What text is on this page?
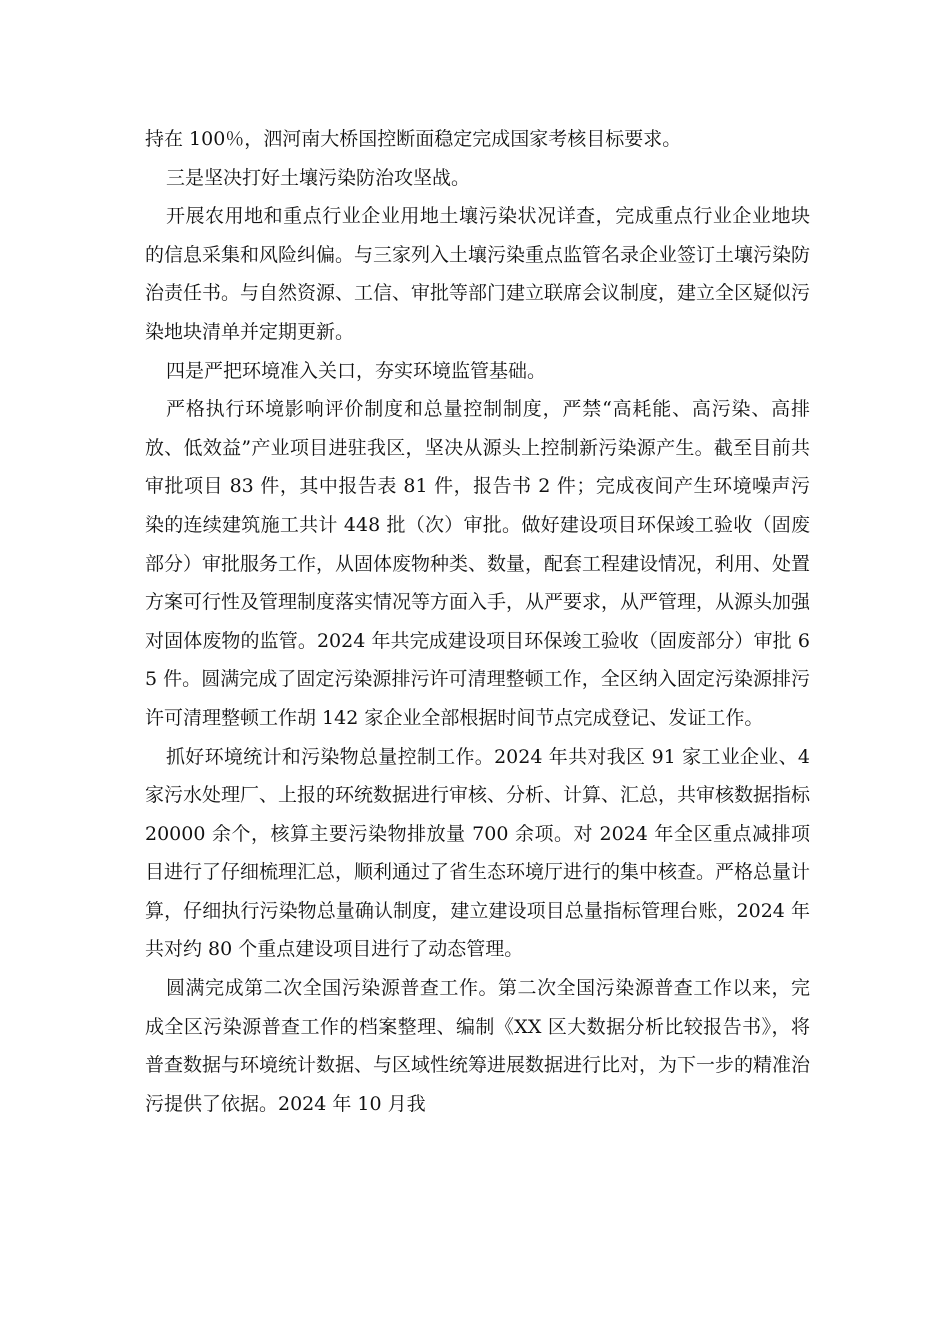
持在 100％，泗河南大桥国控断面稳定完成国家考核目标要求。

三是坚决打好土壤污染防治攻坚战。

开展农用地和重点行业企业用地土壤污染状况详查，完成重点行业企业地块的信息采集和风险纠偏。与三家列入土壤污染重点监管名录企业签订土壤污染防治责任书。与自然资源、工信、审批等部门建立联席会议制度，建立全区疑似污染地块清单并定期更新。

四是严把环境准入关口，夯实环境监管基础。

严格执行环境影响评价制度和总量控制制度，严禁“高耗能、高污染、高排放、低效益”产业项目进驻我区，坚决从源头上控制新污染源产生。截至目前共审批项目 83 件，其中报告表 81 件，报告书 2 件；完成夜间产生环境噪声污染的连续建筑施工共计 448 批（次）审批。做好建设项目环保竣工验收（固废部分）审批服务工作，从固体废物种类、数量，配套工程建设情况，利用、处置方案可行性及管理制度落实情况等方面入手，从严要求，从严管理，从源头加强对固体废物的监管。2024 年共完成建设项目环保竣工验收（固废部分）审批 65 件。圆满完成了固定污染源排污许可清理整顿工作，全区纳入固定污染源排污许可清理整顿工作胡 142 家企业全部根据时间节点完成登记、发证工作。

抓好环境统计和污染物总量控制工作。2024 年共对我区 91 家工业企业、4 家污水处理厂、上报的环统数据进行审核、分析、计算、汇总，共审核数据指标 20000 余个，核算主要污染物排放量 700 余项。对 2024 年全区重点减排项目进行了仔细梳理汇总，顺利通过了省生态环境厅进行的集中核查。严格总量计算，仔细执行污染物总量确认制度，建立建设项目总量指标管理台账，2024 年共对约 80 个重点建设项目进行了动态管理。

圆满完成第二次全国污染源普查工作。第二次全国污染源普查工作以来，完成全区污染源普查工作的档案整理、编制《XX 区大数据分析比较报告书》，将普查数据与环境统计数据、与区域性统筹进展数据进行比对，为下一步的精准治污提供了依据。2024 年 10 月我
